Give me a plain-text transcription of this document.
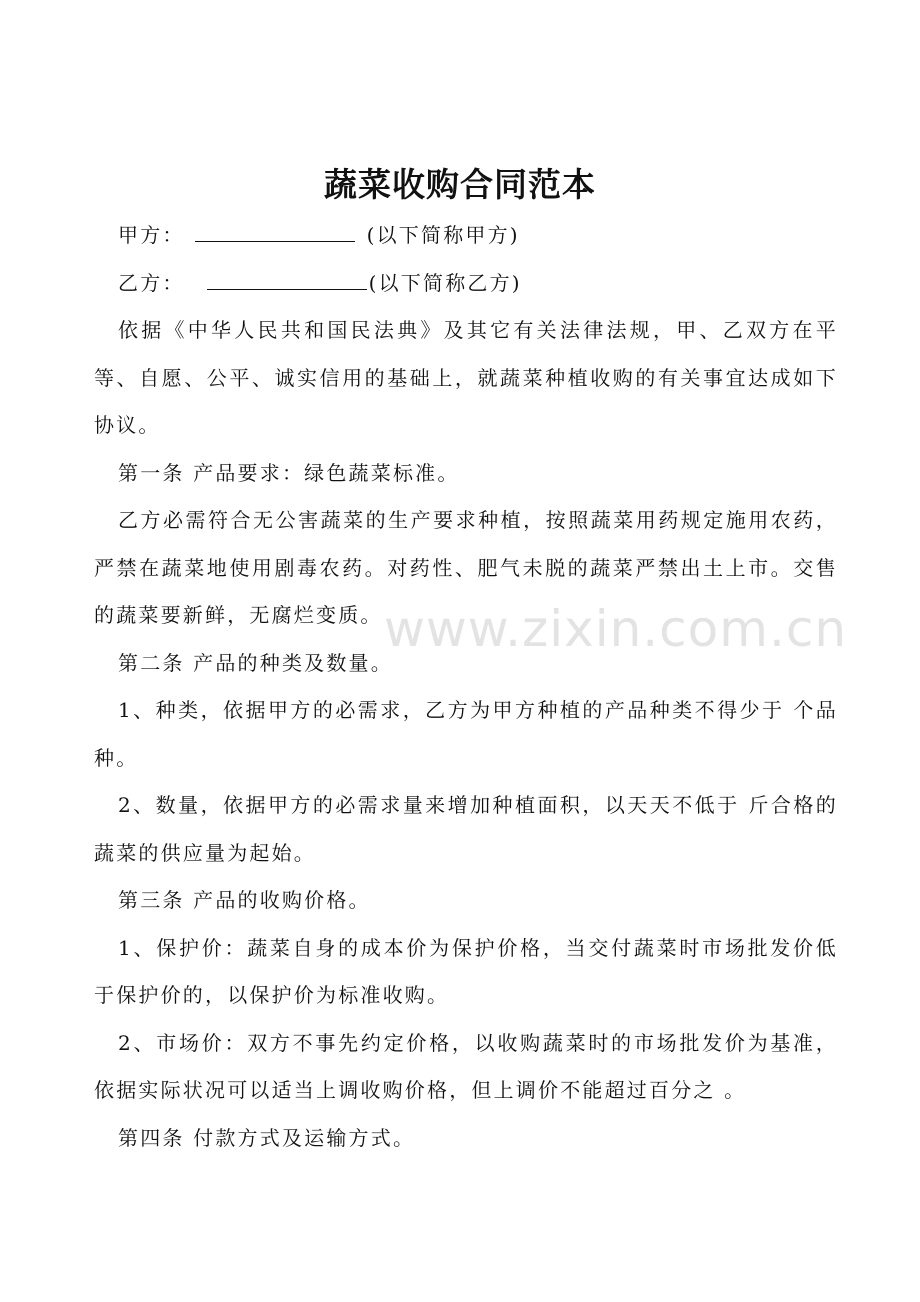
蔬菜收购合同范本

甲方：	(以下简称甲方)

乙方：	(以下简称乙方)

依据《中华人民共和国民法典》及其它有关法律法规，甲、乙双方在平等、自愿、公平、诚实信用的基础上，就蔬菜种植收购的有关事宜达成如下协议。

第一条 产品要求：绿色蔬菜标准。

乙方必需符合无公害蔬菜的生产要求种植，按照蔬菜用药规定施用农药，严禁在蔬菜地使用剧毒农药。对药性、肥气未脱的蔬菜严禁出土上市。交售的蔬菜要新鲜，无腐烂变质。

第二条 产品的种类及数量。

1、种类，依据甲方的必需求，乙方为甲方种植的产品种类不得少于 个品种。

2、数量，依据甲方的必需求量来增加种植面积，以天天不低于 斤合格的蔬菜的供应量为起始。

第三条 产品的收购价格。

1、保护价：蔬菜自身的成本价为保护价格，当交付蔬菜时市场批发价低于保护价的，以保护价为标准收购。

2、市场价：双方不事先约定价格，以收购蔬菜时的市场批发价为基准，依据实际状况可以适当上调收购价格，但上调价不能超过百分之 。

第四条 付款方式及运输方式。

www.zixin.com.cn
